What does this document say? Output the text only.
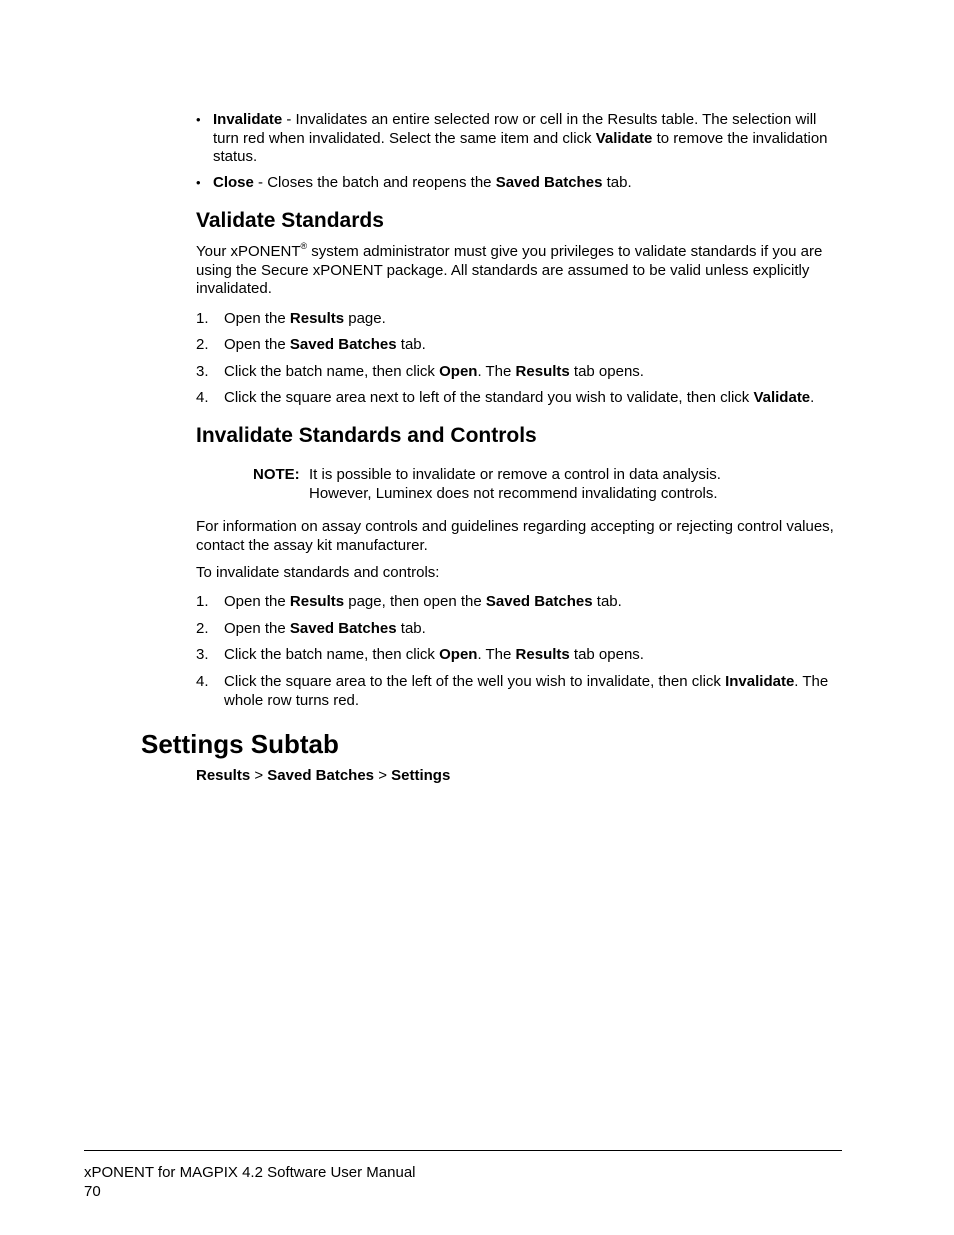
• Invalidate - Invalidates an entire selected row or cell in the Results table. The selection will turn red when invalidated. Select the same item and click Validate to remove the invalidation status.
• Close - Closes the batch and reopens the Saved Batches tab.
Validate Standards
Your xPONENT® system administrator must give you privileges to validate standards if you are using the Secure xPONENT package. All standards are assumed to be valid unless explicitly invalidated.
1. Open the Results page.
2. Open the Saved Batches tab.
3. Click the batch name, then click Open. The Results tab opens.
4. Click the square area next to left of the standard you wish to validate, then click Validate.
Invalidate Standards and Controls
NOTE: It is possible to invalidate or remove a control in data analysis.
However, Luminex does not recommend invalidating controls.
For information on assay controls and guidelines regarding accepting or rejecting control values, contact the assay kit manufacturer.
To invalidate standards and controls:
1. Open the Results page, then open the Saved Batches tab.
2. Open the Saved Batches tab.
3. Click the batch name, then click Open. The Results tab opens.
4. Click the square area to the left of the well you wish to invalidate, then click Invalidate. The whole row turns red.
Settings Subtab
Results > Saved Batches > Settings
xPONENT for MAGPIX 4.2 Software User Manual
70
